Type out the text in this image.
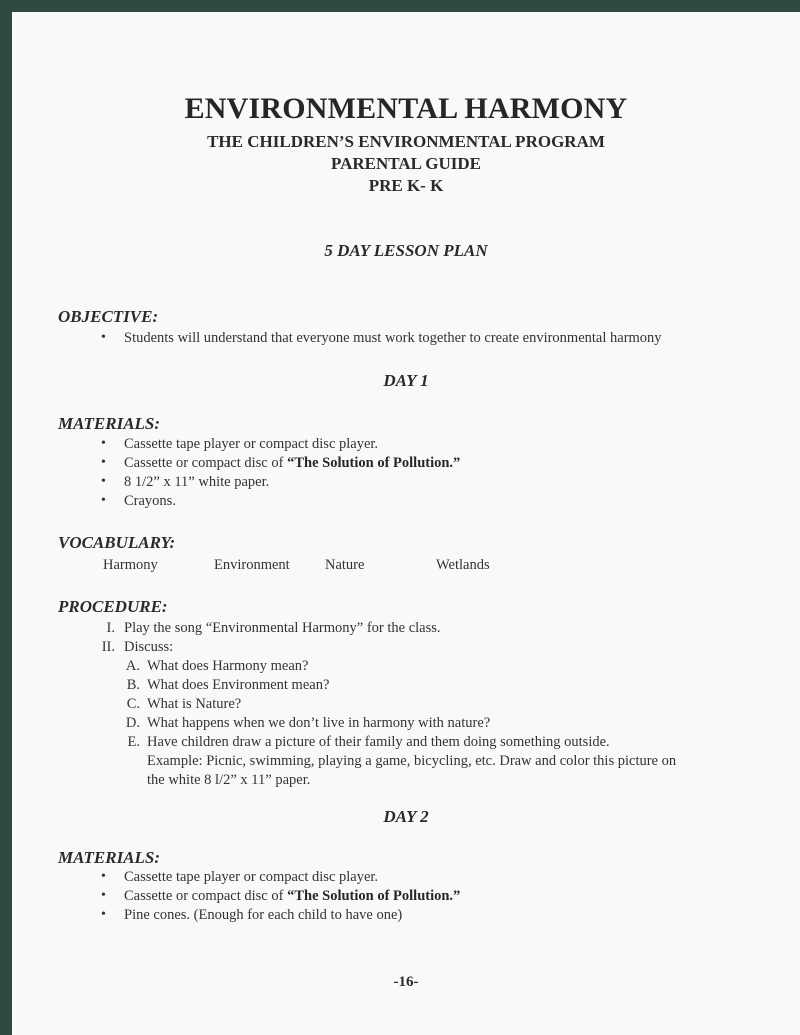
ENVIRONMENTAL HARMONY
THE CHILDREN’S ENVIRONMENTAL PROGRAM
PARENTAL GUIDE
PRE K- K
5 DAY LESSON PLAN
OBJECTIVE:
• Students will understand that everyone must work together to create environmental harmony
DAY 1
MATERIALS:
• Cassette tape player or compact disc player.
• Cassette or compact disc of “The Solution of Pollution.”
• 8 1/2” x 11” white paper.
• Crayons.
VOCABULARY:
Harmony	Environment Nature	Wetlands
PROCEDURE:
I. Play the song “Environmental Harmony” for the class.
II. Discuss:
A. What does Harmony mean?
B. What does Environment mean?
C. What is Nature?
D. What happens when we don’t live in harmony with nature?
E. Have children draw a picture of their family and them doing something outside.
Example: Picnic, swimming, playing a game, bicycling, etc. Draw and color this picture on
the white 8 l/2” x 11” paper.
DAY 2
MATERIALS:
• Cassette tape player or compact disc player.
• Cassette or compact disc of “The Solution of Pollution.”
• Pine cones. (Enough for each child to have one)
-16-
